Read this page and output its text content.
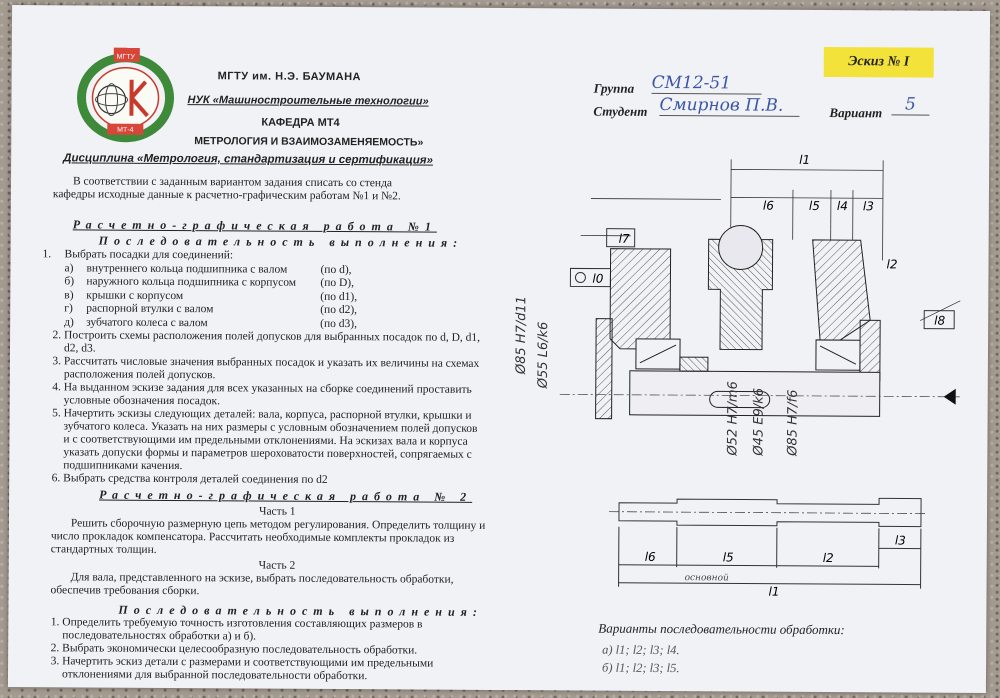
МГТУ
МТ-4
МГТУ им. Н.Э. БАУМАНА
НУК «Машиностроительные технологии»
КАФЕДРА МТ4
МЕТРОЛОГИЯ И ВЗАИМОЗАМЕНЯЕМОСТЬ»
Дисциплина «Метрология, стандартизация и сертификация»
В соответствии с заданным вариантом задания списать со стенда кафедры исходные данные к расчетно-графическим работам №1 и №2.
Расчетно-графическая работа №1
Последовательность выполнения:
1. Выбрать посадки для соединений:
а) внутреннего кольца подшипника с валом	(по d),
б) наружного кольца подшипника с корпусом (по D),
в) крышки с корпусом	(по d1),
г) распорной втулки с валом	(по d2),
д) зубчатого колеса с валом	(по d3),
2. Построить схемы расположения полей допусков для выбранных посадок по d, D, d1, d2, d3.
3. Рассчитать числовые значения выбранных посадок и указать их величины на схемах расположения полей допусков.
4. На выданном эскизе задания для всех указанных на сборке соединений проставить условные обозначения посадок.
5. Начертить эскизы следующих деталей: вала, корпуса, распорной втулки, крышки и зубчатого колеса. Указать на них размеры с условным обозначением полей допусков и с соответствующими им предельными отклонениями. На эскизах вала и корпуса указать допуски формы и параметров шероховатости поверхностей, сопрягаемых с подшипниками качения.
6. Выбрать средства контроля деталей соединения по d2
Расчетно-графическая работа № 2
Часть 1
Решить сборочную размерную цепь методом регулирования. Определить толщину и число прокладок компенсатора. Рассчитать необходимые комплекты прокладок из стандартных толщин.
Часть 2
Для вала, представленного на эскизе, выбрать последовательность обработки, обеспечив требования сборки.
Последовательность выполнения:
1. Определить требуемую точность изготовления составляющих размеров в последовательностях обработки а) и б).
2. Выбрать экономически целесообразную последовательность обработки.
3. Начертить эскиз детали с размерами и соответствующими им предельными отклонениями для выбранной последовательности обработки.
Эскиз № I
Группа СМ12-51
Студент Смирнов П.В.	Вариант	5
l1
l6	l5 l4 l3
l7
l0
l2
l8
Ø85 H7/d11 Ø55 L6/k6
Ø52 H7/m6 Ø45 E9/k6 Ø85 H7/f6
l6	l5	l2
l3
l1
основной
Варианты последовательности обработки:
а) l1; l2; l3; l4.
б) l1; l2; l3; l5.
